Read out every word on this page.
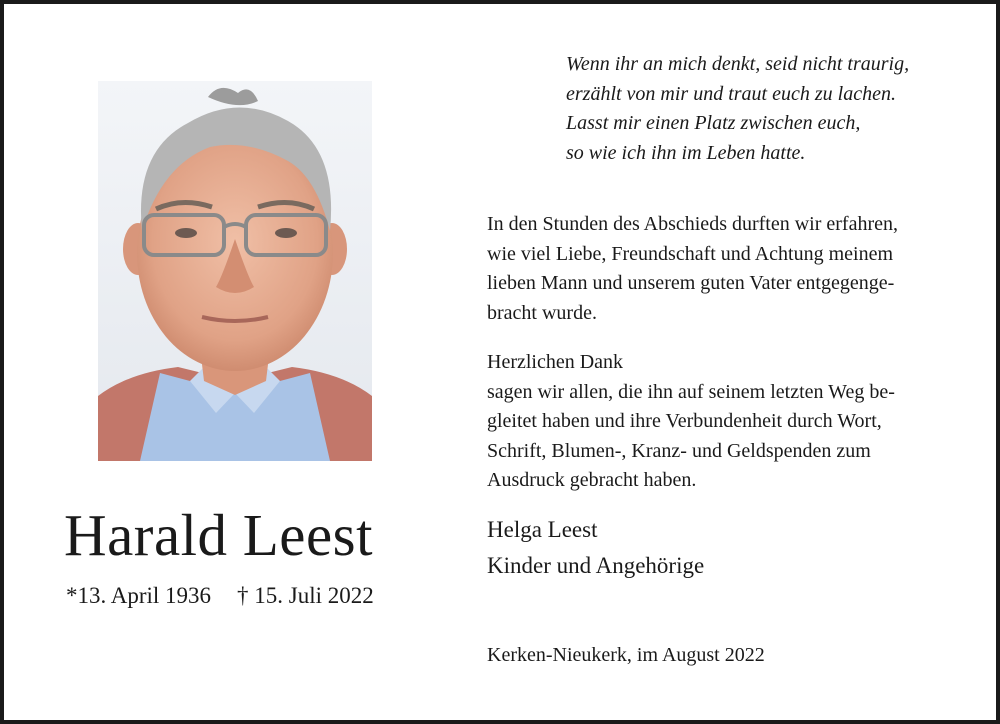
Wenn ihr an mich denkt, seid nicht traurig,
erzählt von mir und traut euch zu lachen.
Lasst mir einen Platz zwischen euch,
so wie ich ihn im Leben hatte.
In den Stunden des Abschieds durften wir erfahren,
wie viel Liebe, Freundschaft und Achtung meinem
lieben Mann und unserem guten Vater entgegenge-
bracht wurde.
Herzlichen Dank
sagen wir allen, die ihn auf seinem letzten Weg be-
gleitet haben und ihre Verbundenheit durch Wort,
Schrift, Blumen-, Kranz- und Geldspenden zum
Ausdruck gebracht haben.
Harald Leest
*13. April 1936 † 15. Juli 2022
Helga Leest
Kinder und Angehörige
Kerken-Nieukerk, im August 2022
